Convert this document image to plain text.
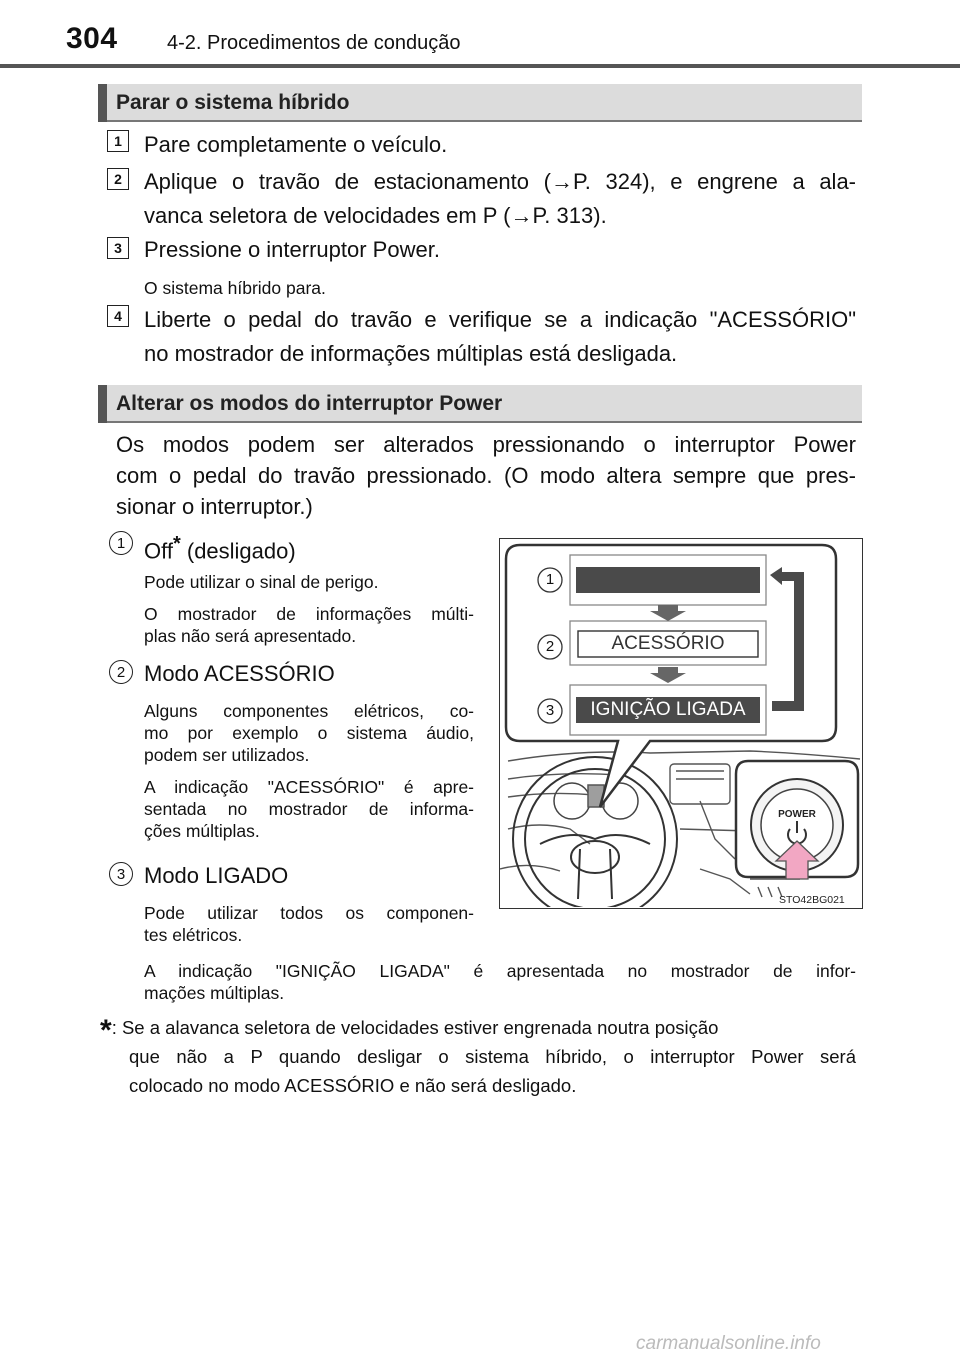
304 4-2. Procedimentos de condução
Parar o sistema híbrido
1	Pare completamente o veículo.
2	Aplique o travão de estacionamento (→P. 324), e engrene a ala-
vanca seletora de velocidades em P (→P. 313).
3	Pressione o interruptor Power.
O sistema híbrido para.
4	Liberte o pedal do travão e verifique se a indicação "ACESSÓRIO"
no mostrador de informações múltiplas está desligada.
Alterar os modos do interruptor Power
Os modos podem ser alterados pressionando o interruptor Power
com o pedal do travão pressionado. (O modo altera sempre que pres-
sionar o interruptor.)
1 Off* (desligado)
Pode utilizar o sinal de perigo.
O mostrador de informações múlti-
plas não será apresentado.
2 Modo ACESSÓRIO
Alguns componentes elétricos, co-
mo por exemplo o sistema áudio,
podem ser utilizados.
A indicação "ACESSÓRIO" é apre-
sentada no mostrador de informa-
ções múltiplas.
3 Modo LIGADO
Pode utilizar todos os componen-
tes elétricos.
A indicação "IGNIÇÃO LIGADA" é apresentada no mostrador de infor-
mações múltiplas.
*: Se a alavanca seletora de velocidades estiver engrenada noutra posição
que não a P quando desligar o sistema híbrido, o interruptor Power será
colocado no modo ACESSÓRIO e não será desligado.
1
2
3
ACESSÓRIO
IGNIÇÃO LIGADA
POWER
STO42BG021
carmanualsonline.info
